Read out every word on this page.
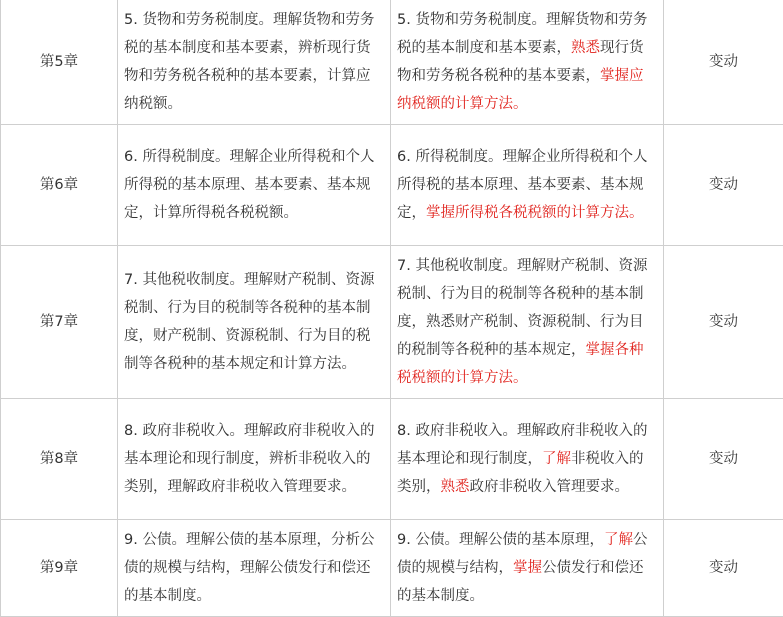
第5章	5. 货物和劳务税制度。理解货物和劳务税的基本制度和基本要素，辨析现行货物和劳务税各税种的基本要素，计算应纳税额。	5. 货物和劳务税制度。理解货物和劳务税的基本制度和基本要素，熟悉现行货物和劳务税各税种的基本要素，掌握应纳税额的计算方法。	变动
第6章	6. 所得税制度。理解企业所得税和个人所得税的基本原理、基本要素、基本规定，计算所得税各税税额。	6. 所得税制度。理解企业所得税和个人所得税的基本原理、基本要素、基本规定，掌握所得税各税税额的计算方法。	变动
第7章	7. 其他税收制度。理解财产税制、资源税制、行为目的税制等各税种的基本制度，财产税制、资源税制、行为目的税制等各税种的基本规定和计算方法。	7. 其他税收制度。理解财产税制、资源税制、行为目的税制等各税种的基本制度，熟悉财产税制、资源税制、行为目的税制等各税种的基本规定，掌握各种税税额的计算方法。	变动
第8章	8. 政府非税收入。理解政府非税收入的基本理论和现行制度，辨析非税收入的类别，理解政府非税收入管理要求。	8. 政府非税收入。理解政府非税收入的基本理论和现行制度，了解非税收入的类别，熟悉政府非税收入管理要求。	变动
第9章	9. 公债。理解公债的基本原理，分析公债的规模与结构，理解公债发行和偿还的基本制度。	9. 公债。理解公债的基本原理，了解公债的规模与结构，掌握公债发行和偿还的基本制度。	变动
